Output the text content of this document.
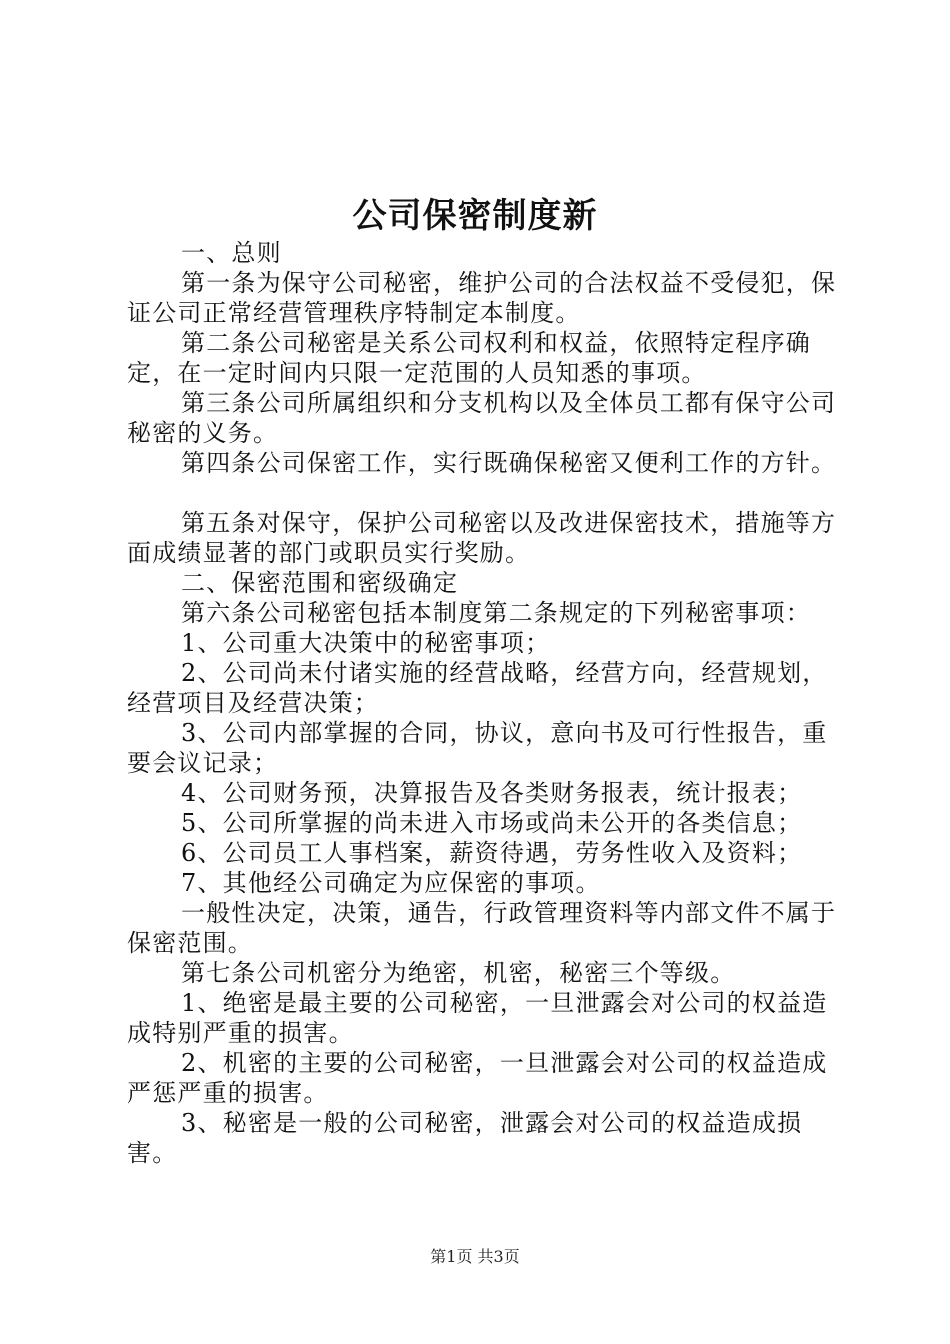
公司保密制度新

一、总则

第一条为保守公司秘密，维护公司的合法权益不受侵犯，保证公司正常经营管理秩序特制定本制度。

第二条公司秘密是关系公司权利和权益，依照特定程序确定，在一定时间内只限一定范围的人员知悉的事项。

第三条公司所属组织和分支机构以及全体员工都有保守公司秘密的义务。

第四条公司保密工作，实行既确保秘密又便利工作的方针。

第五条对保守，保护公司秘密以及改进保密技术，措施等方面成绩显著的部门或职员实行奖励。

二、保密范围和密级确定

第六条公司秘密包括本制度第二条规定的下列秘密事项：

1、公司重大决策中的秘密事项；

2、公司尚未付诸实施的经营战略，经营方向，经营规划，经营项目及经营决策；

3、公司内部掌握的合同，协议，意向书及可行性报告，重要会议记录；

4、公司财务预，决算报告及各类财务报表，统计报表；

5、公司所掌握的尚未进入市场或尚未公开的各类信息；

6、公司员工人事档案，薪资待遇，劳务性收入及资料；

7、其他经公司确定为应保密的事项。

一般性决定，决策，通告，行政管理资料等内部文件不属于保密范围。

第七条公司机密分为绝密，机密，秘密三个等级。

1、绝密是最主要的公司秘密，一旦泄露会对公司的权益造成特别严重的损害。

2、机密的主要的公司秘密，一旦泄露会对公司的权益造成严惩严重的损害。

3、秘密是一般的公司秘密，泄露会对公司的权益造成损害。

第1页 共3页
